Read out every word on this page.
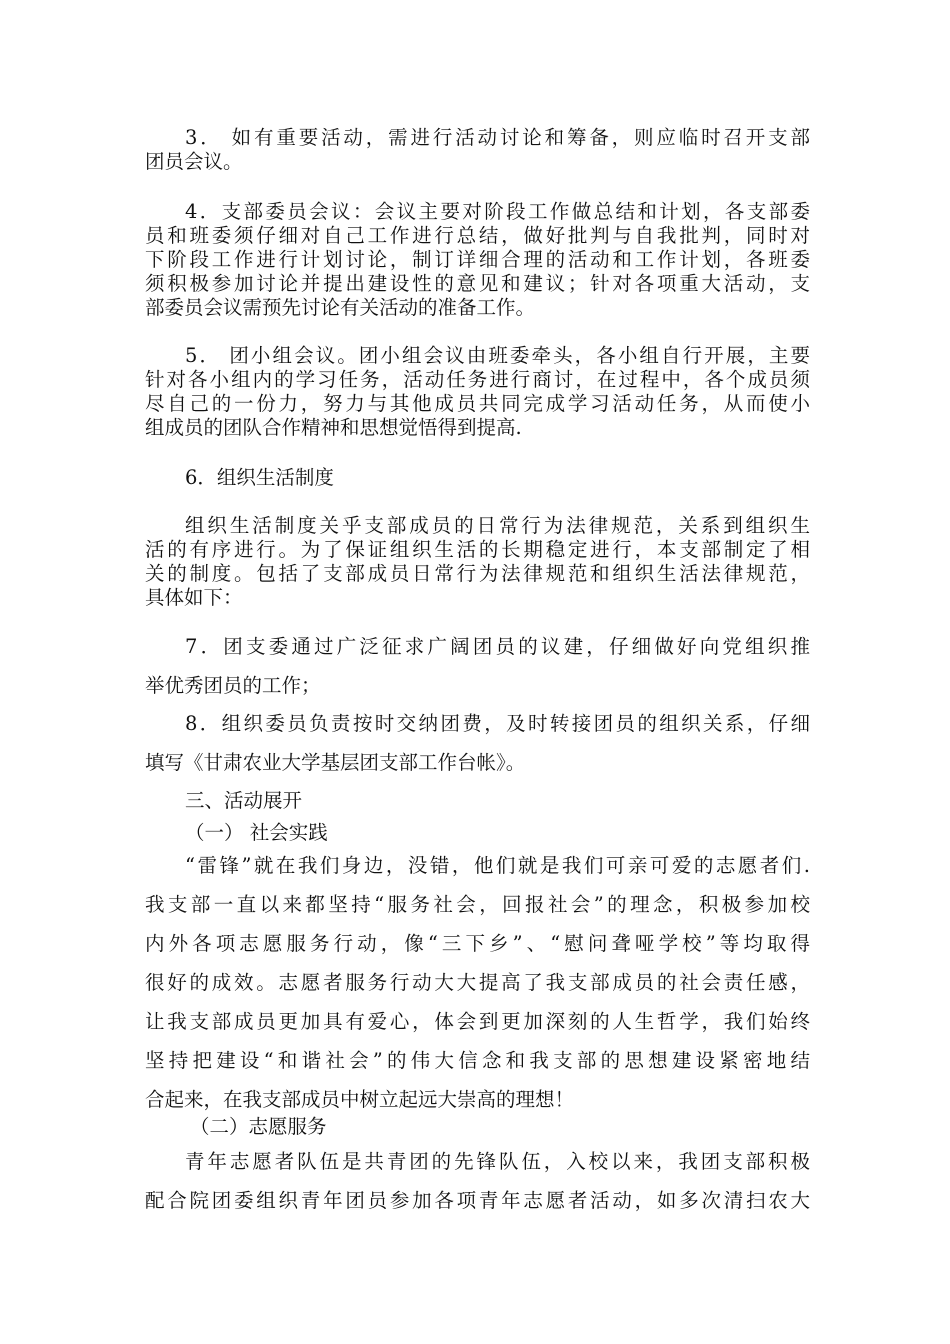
3． 如有重要活动，需进行活动讨论和筹备，则应临时召开支部
团员会议。
4．支部委员会议：会议主要对阶段工作做总结和计划，各支部委
员和班委须仔细对自己工作进行总结，做好批判与自我批判，同时对
下阶段工作进行计划讨论，制订详细合理的活动和工作计划，各班委
须积极参加讨论并提出建设性的意见和建议；针对各项重大活动，支
部委员会议需预先讨论有关活动的准备工作。
5． 团小组会议。团小组会议由班委牵头，各小组自行开展，主要
针对各小组内的学习任务，活动任务进行商讨，在过程中，各个成员须
尽自己的一份力，努力与其他成员共同完成学习活动任务，从而使小
组成员的团队合作精神和思想觉悟得到提高.
6．组织生活制度
组织生活制度关乎支部成员的日常行为法律规范，关系到组织生
活的有序进行。为了保证组织生活的长期稳定进行，本支部制定了相
关的制度。包括了支部成员日常行为法律规范和组织生活法律规范，
具体如下：
7．团支委通过广泛征求广阔团员的议建，仔细做好向党组织推
举优秀团员的工作；
8．组织委员负责按时交纳团费，及时转接团员的组织关系，仔细
填写《甘肃农业大学基层团支部工作台帐》。
三、活动展开
（一） 社会实践
“雷锋”就在我们身边，没错，他们就是我们可亲可爱的志愿者们.
我支部一直以来都坚持“服务社会，回报社会”的理念，积极参加校
内外各项志愿服务行动，像“三下乡”、“慰问聋哑学校”等均取得
很好的成效。志愿者服务行动大大提高了我支部成员的社会责任感，
让我支部成员更加具有爱心，体会到更加深刻的人生哲学，我们始终
坚持把建设“和谐社会”的伟大信念和我支部的思想建设紧密地结
合起来，在我支部成员中树立起远大崇高的理想！
（二）志愿服务
青年志愿者队伍是共青团的先锋队伍，入校以来，我团支部积极
配合院团委组织青年团员参加各项青年志愿者活动，如多次清扫农大
